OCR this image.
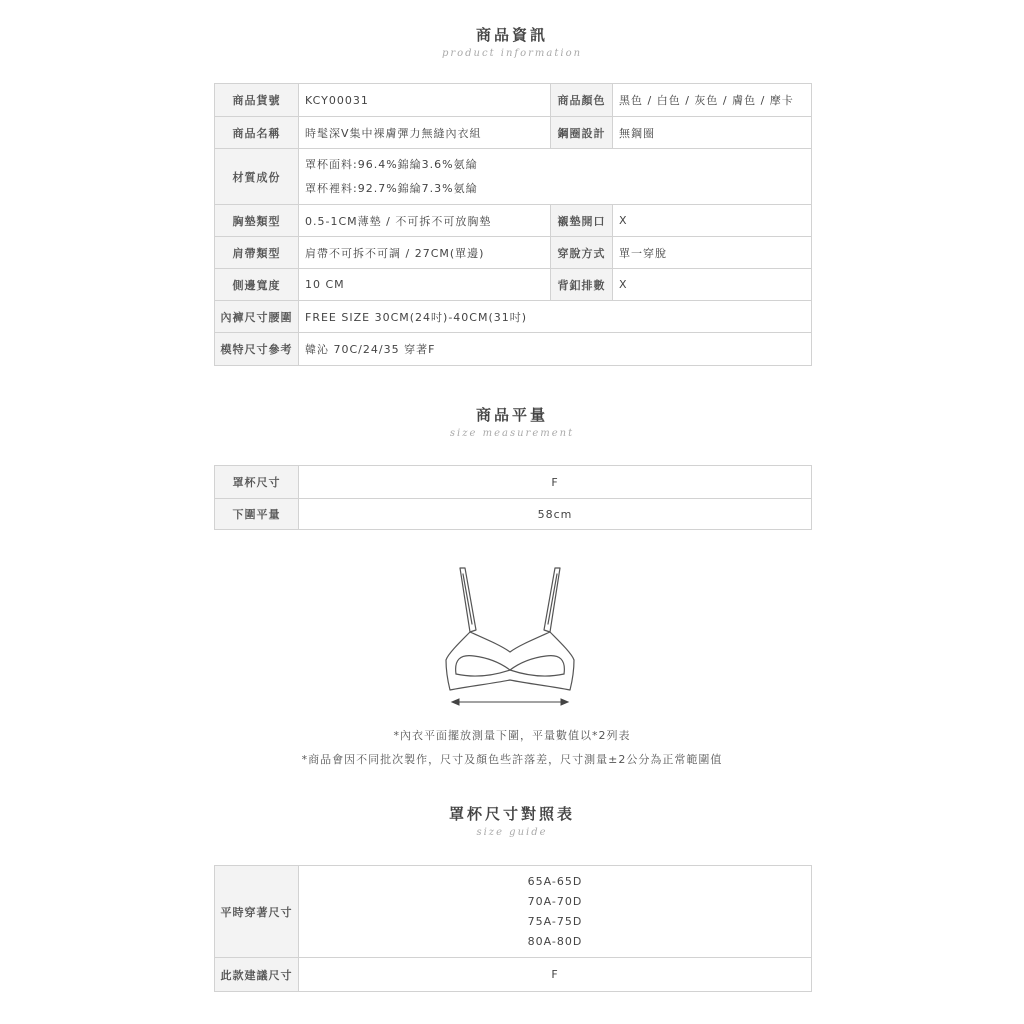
商品資訊
product information
商品貨號	KCY00031	商品顏色	黑色 / 白色 / 灰色 / 膚色 / 摩卡
商品名稱	時髦深V集中裸膚彈力無縫內衣組	鋼圈設計	無鋼圈
材質成份	罩杯面料:96.4%錦綸3.6%氨綸
罩杯裡料:92.7%錦綸7.3%氨綸		

胸墊類型	0.5-1CM薄墊 / 不可拆不可放胸墊	襯墊開口	X
肩帶類型	肩帶不可拆不可調 / 27CM(單邊)	穿脫方式	單一穿脫
側邊寬度	10 CM	背釦排數	X
內褲尺寸腰圍	FREE SIZE 30CM(24吋)-40CM(31吋)		
模特尺寸參考	韓沁 70C/24/35 穿著F		
商品平量
size measurement
罩杯尺寸	F
下圍平量	58cm
*內衣平面擺放測量下圍，平量數值以*2列表
*商品會因不同批次製作，尺寸及顏色些許落差，尺寸測量±2公分為正常範圍值
罩杯尺寸對照表
size guide
平時穿著尺寸	65A-65D
70A-70D
75A-75D
80A-80D

此款建議尺寸	F
